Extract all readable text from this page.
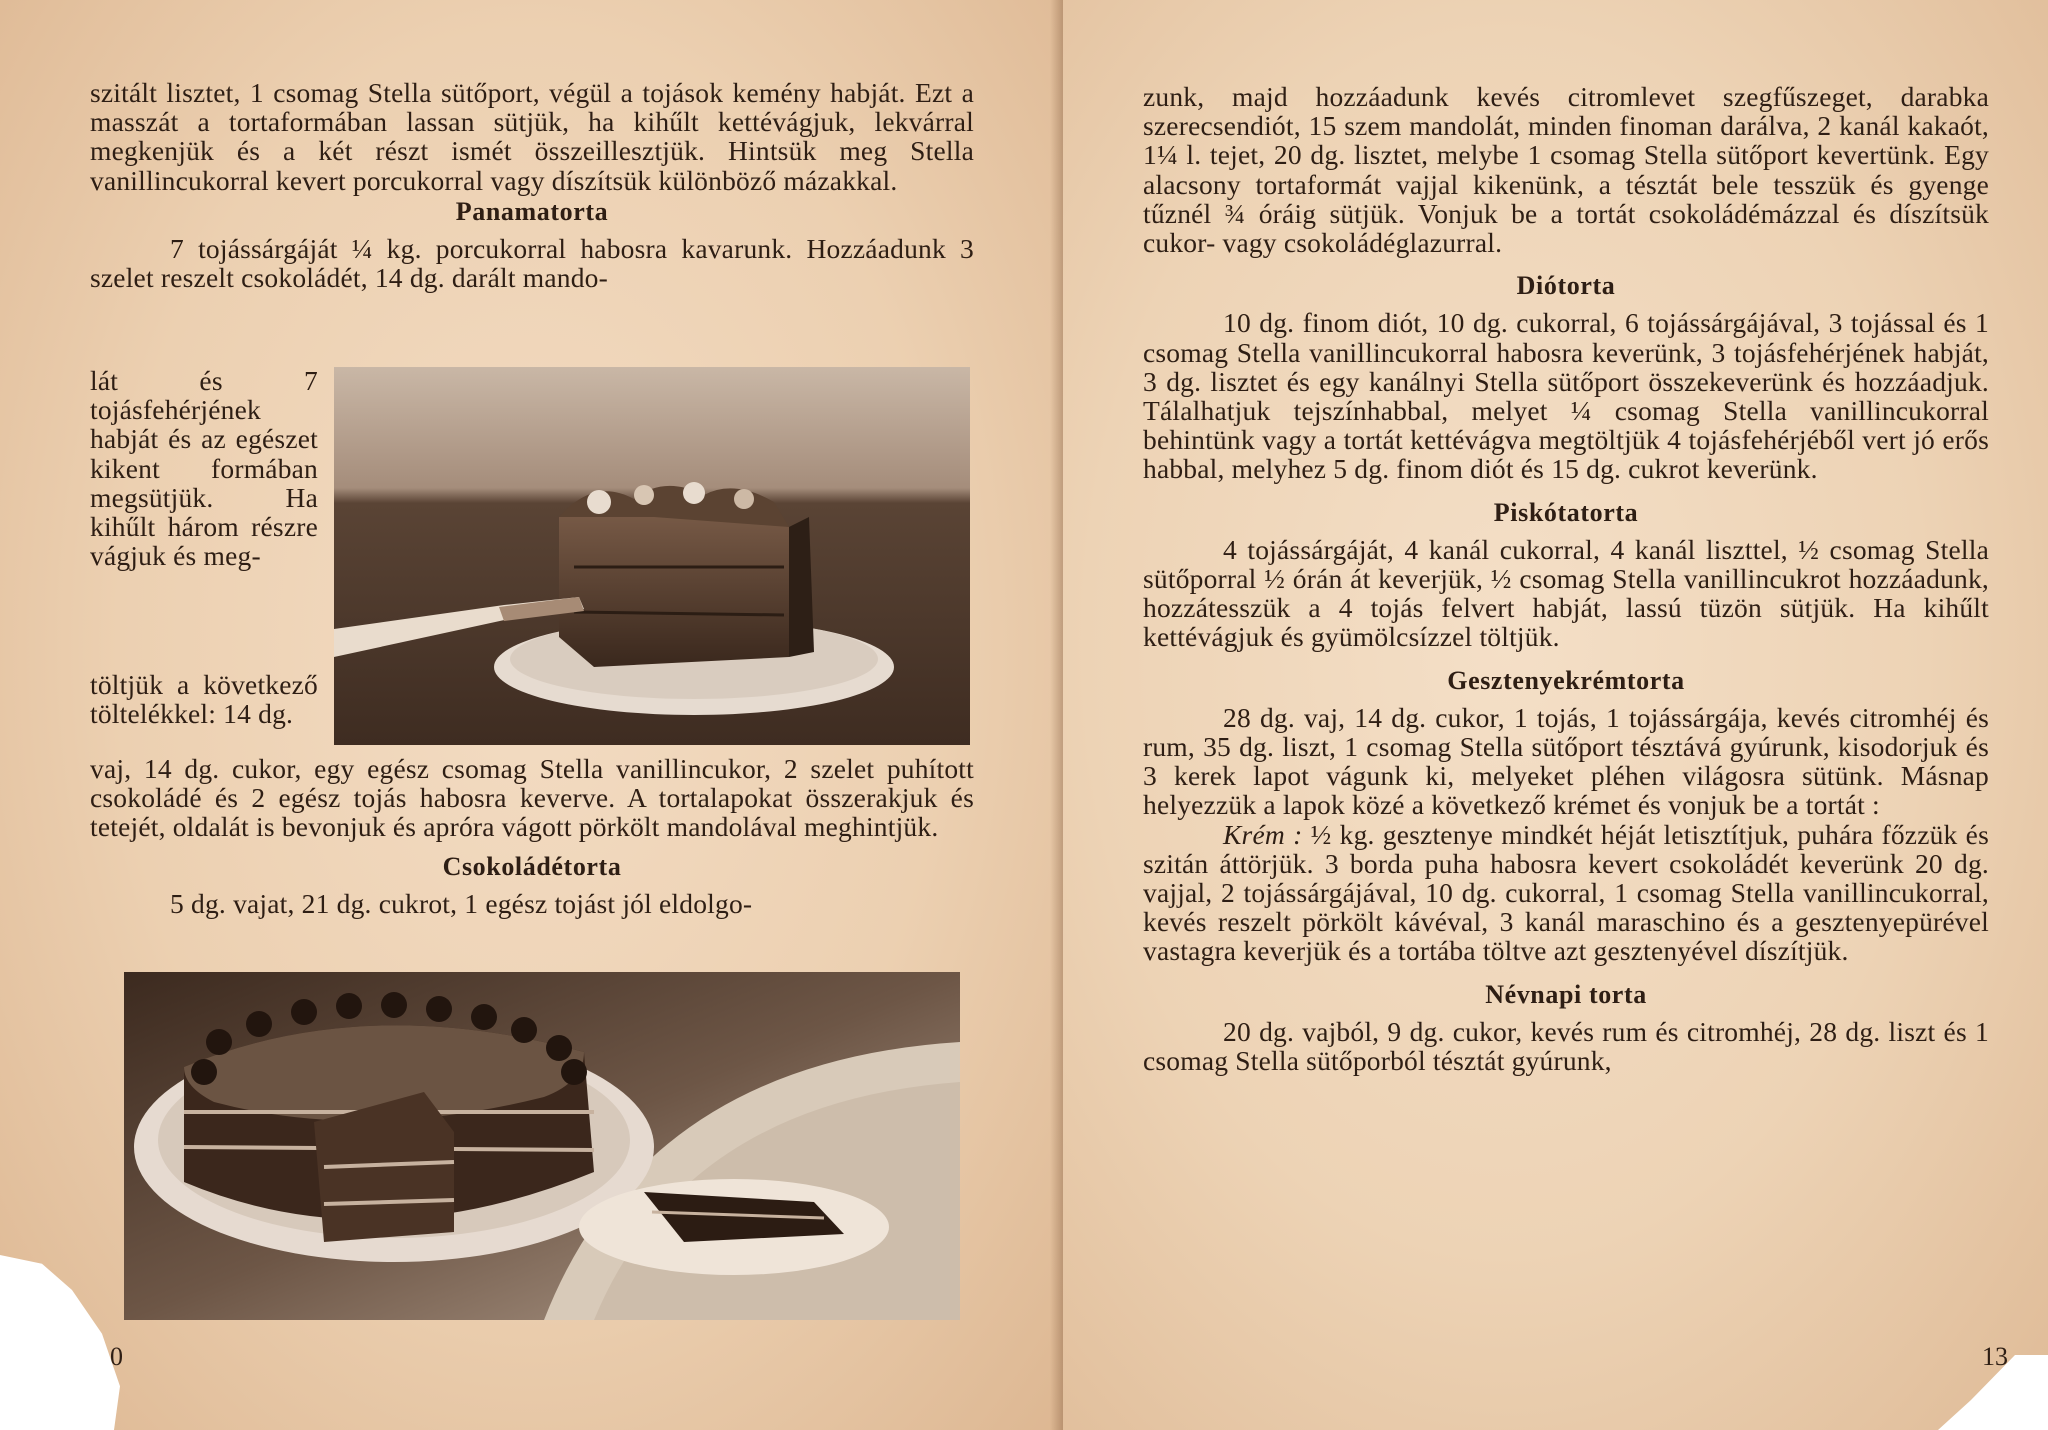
szitált lisztet, 1 csomag Stella sütőport, végül a tojások kemény habját. Ezt a masszát a tortaformában lassan sütjük, ha kihűlt kettévágjuk, lekvárral megkenjük és a két részt ismét összeillesztjük. Hintsük meg Stella vanillincukorral kevert porcukorral vagy díszítsük különböző mázakkal.

Panamatorta

7 tojássárgáját ¼ kg. porcukorral habosra kavarunk. Hozzáadunk 3 szelet reszelt csokoládét, 14 dg. darált mando-

lát és 7 tojásfehérjének habját és az egészet kikent formában megsütjük. Ha kihűlt három részre vágjuk és meg-

töltjük a következő töltelékkel: 14 dg.

vaj, 14 dg. cukor, egy egész csomag Stella vanillincukor, 2 szelet puhított csokoládé és 2 egész tojás habosra keverve. A tortalapokat összerakjuk és tetejét, oldalát is bevonjuk és apróra vágott pörkölt mandolával meghintjük.

Csokoládétorta

5 dg. vajat, 21 dg. cukrot, 1 egész tojást jól eldolgo-

0

zunk, majd hozzáadunk kevés citromlevet szegfűszeget, darabka szerecsendiót, 15 szem mandolát, minden finoman darálva, 2 kanál kakaót, 1¼ l. tejet, 20 dg. lisztet, melybe 1 csomag Stella sütőport kevertünk. Egy alacsony tortaformát vajjal kikenünk, a tésztát bele tesszük és gyenge tűznél ¾ óráig sütjük. Vonjuk be a tortát csokoládémázzal és díszítsük cukor- vagy csokoládéglazurral.

Diótorta

10 dg. finom diót, 10 dg. cukorral, 6 tojássárgájával, 3 tojással és 1 csomag Stella vanillincukorral habosra keverünk, 3 tojásfehérjének habját, 3 dg. lisztet és egy kanálnyi Stella sütőport összekeverünk és hozzáadjuk. Tálalhatjuk tejszínhabbal, melyet ¼ csomag Stella vanillincukorral behintünk vagy a tortát kettévágva megtöltjük 4 tojásfehérjéből vert jó erős habbal, melyhez 5 dg. finom diót és 15 dg. cukrot keverünk.

Piskótatorta

4 tojássárgáját, 4 kanál cukorral, 4 kanál liszttel, ½ csomag Stella sütőporral ½ órán át keverjük, ½ csomag Stella vanillincukrot hozzáadunk, hozzátesszük a 4 tojás felvert habját, lassú tüzön sütjük. Ha kihűlt kettévágjuk és gyümölcsízzel töltjük.

Gesztenyekrémtorta

28 dg. vaj, 14 dg. cukor, 1 tojás, 1 tojássárgája, kevés citromhéj és rum, 35 dg. liszt, 1 csomag Stella sütőport tésztává gyúrunk, kisodorjuk és 3 kerek lapot vágunk ki, melyeket pléhen világosra sütünk. Másnap helyezzük a lapok közé a következő krémet és vonjuk be a tortát :

Krém : ½ kg. gesztenye mindkét héját letisztítjuk, puhára főzzük és szitán áttörjük. 3 borda puha habosra kevert csokoládét keverünk 20 dg. vajjal, 2 tojássárgájával, 10 dg. cukorral, 1 csomag Stella vanillincukorral, kevés reszelt pörkölt kávéval, 3 kanál maraschino és a gesztenyepürével vastagra keverjük és a tortába töltve azt gesztenyével díszítjük.

Névnapi torta

20 dg. vajból, 9 dg. cukor, kevés rum és citromhéj, 28 dg. liszt és 1 csomag Stella sütőporból tésztát gyúrunk,

13
